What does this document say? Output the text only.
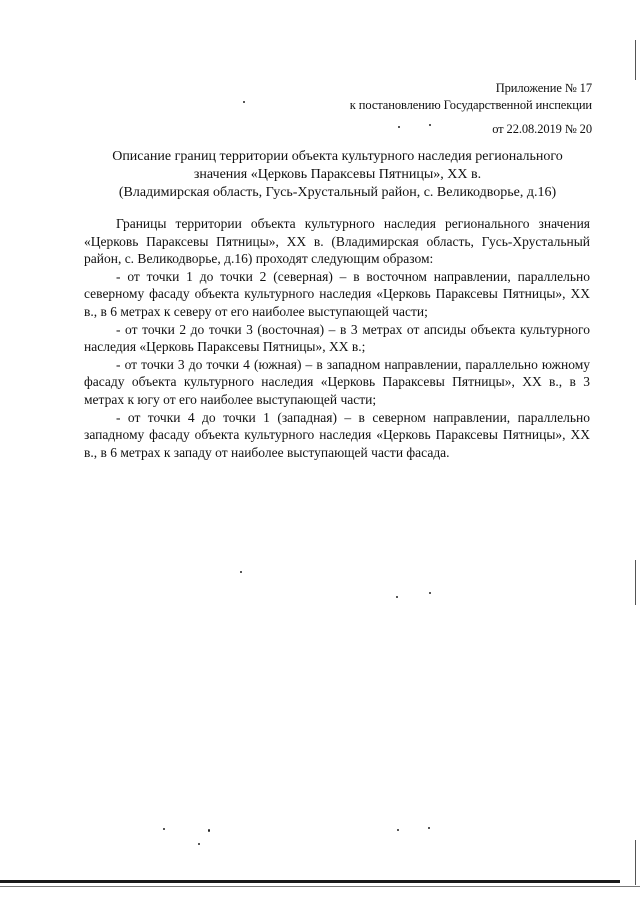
Приложение № 17
к постановлению Государственной инспекции
от 22.08.2019 № 20
Описание границ территории объекта культурного наследия регионального
значения «Церковь Параксевы Пятницы», XX в.
(Владимирская область, Гусь-Хрустальный район, с. Великодворье, д.16)

Границы территории объекта культурного наследия регионального значения «Церковь Параксевы Пятницы», XX в. (Владимирская область, Гусь-Хрустальный район, с. Великодворье, д.16) проходят следующим образом:

- от точки 1 до точки 2 (северная) – в восточном направлении, параллельно северному фасаду объекта культурного наследия «Церковь Параксевы Пятницы», XX в., в 6 метрах к северу от его наиболее выступающей части;

- от точки 2 до точки 3 (восточная) – в 3 метрах от апсиды объекта культурного наследия «Церковь Параксевы Пятницы», XX в.;

- от точки 3 до точки 4 (южная) – в западном направлении, параллельно южному фасаду объекта культурного наследия «Церковь Параксевы Пятницы», XX в., в 3 метрах к югу от его наиболее выступающей части;

- от точки 4 до точки 1 (западная) – в северном направлении, параллельно западному фасаду объекта культурного наследия «Церковь Параксевы Пятницы», XX в., в 6 метрах к западу от наиболее выступающей части фасада.
